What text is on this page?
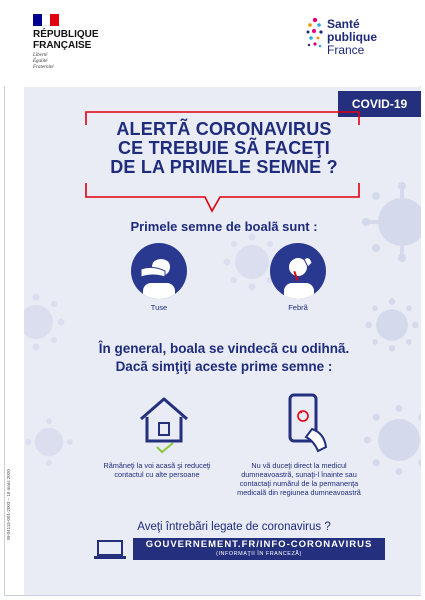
RÉPUBLIQUE
FRANÇAISE
Liberté
Égalité
Fraternité
Santé
publique
France
COVID-19
ALERTÃ CORONAVIRUS
CE TREBUIE SÃ FACEŢI
DE LA PRIMELE SEMNE ?
Primele semne de boalã sunt :
Tuse	Febrã
În general, boala se vindecã cu odihnã.
Dacã simţiţi aceste prime semne :
Rãmâneţi la voi acasã şi reduceţi contactul cu alte persoane
Nu vã duceţi direct la medicul dumneavoastrã, sunaţi-l înainte sau contactaţi numãrul de la permanenţa medicalã din regiunea dumneavoastrã
Aveţi întrebãri legate de coronavirus ?
GOUVERNEMENT.FR/INFO-CORONAVIRUS
(INFORMAŢII ÎN FRANCEZÃ)
W-04115-001-2003 – 18 mars 2020
